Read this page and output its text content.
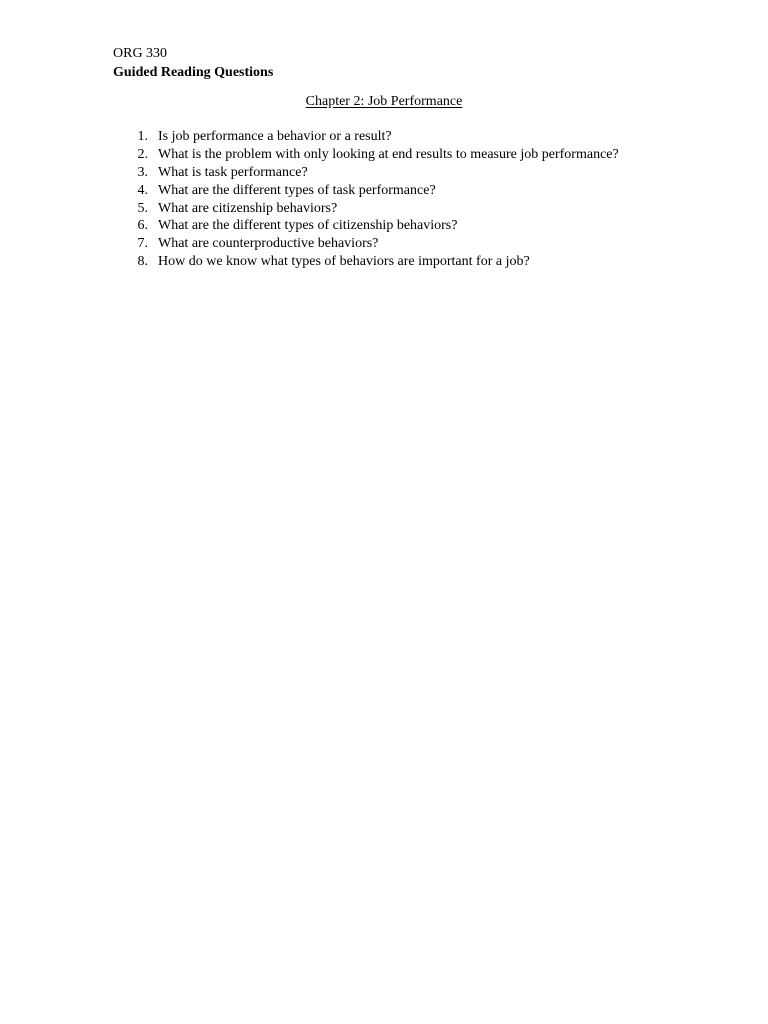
ORG 330
Guided Reading Questions
Chapter 2: Job Performance
1. Is job performance a behavior or a result?
2. What is the problem with only looking at end results to measure job performance?
3. What is task performance?
4. What are the different types of task performance?
5. What are citizenship behaviors?
6. What are the different types of citizenship behaviors?
7. What are counterproductive behaviors?
8. How do we know what types of behaviors are important for a job?
